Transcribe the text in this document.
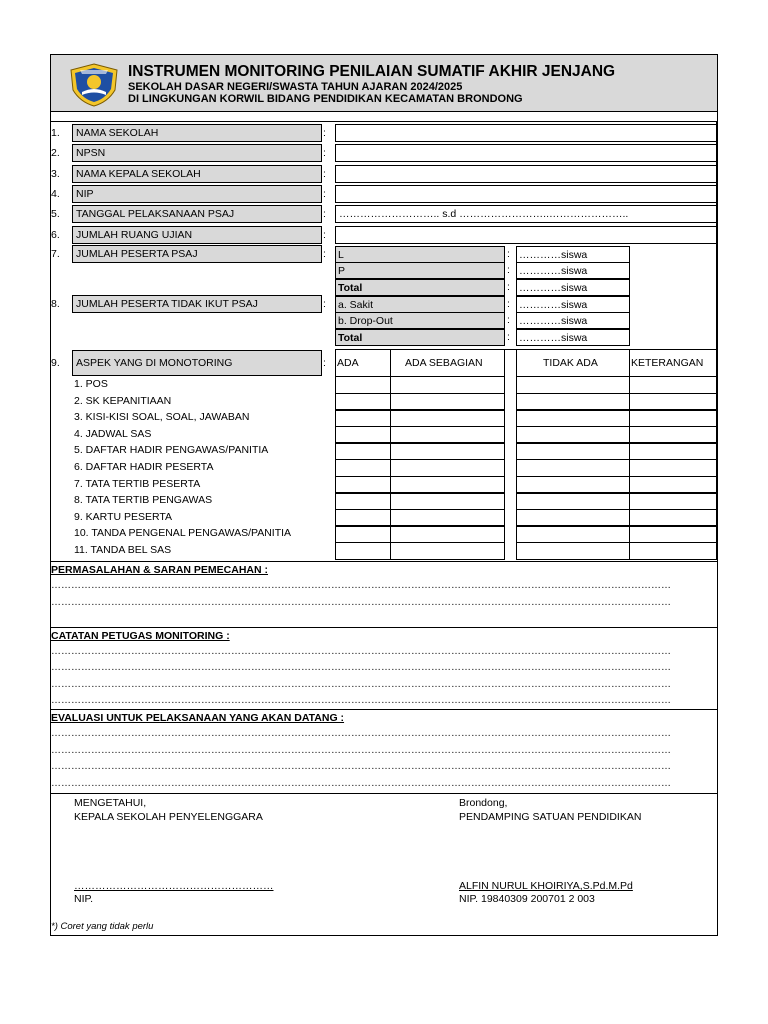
INSTRUMEN MONITORING PENILAIAN SUMATIF AKHIR JENJANG
SEKOLAH DASAR NEGERI/SWASTA TAHUN AJARAN 2024/2025
DI LINGKUNGAN KORWIL BIDANG PENDIDIKAN KECAMATAN BRONDONG
1.	NAMA SEKOLAH	:
2.	NPSN	:
3.	NAMA KEPALA SEKOLAH	:
4.	NIP	:
5.	TANGGAL PELAKSANAAN PSAJ	:	……………………….. s.d ……………………..…………………..
6.	JUMLAH RUANG UJIAN	:
7.	JUMLAH PESERTA PSAJ	: L	: …………siswa
P	: …………siswa
Total	: …………siswa
8.	JUMLAH PESERTA TIDAK IKUT PSAJ	: a. Sakit	: …………siswa
b. Drop-Out	: …………siswa
Total	: …………siswa
9.	ASPEK YANG DI MONOTORING	: ADA	ADA SEBAGIAN	TIDAK ADA	KETERANGAN
1. POS
2. SK KEPANITIAAN
3. KISI-KISI SOAL, SOAL, JAWABAN
4. JADWAL SAS
5. DAFTAR HADIR PENGAWAS/PANITIA
6. DAFTAR HADIR PESERTA
7. TATA TERTIB PESERTA
8. TATA TERTIB PENGAWAS
9. KARTU PESERTA
10. TANDA PENGENAL PENGAWAS/PANITIA
11. TANDA BEL SAS
PERMASALAHAN & SARAN PEMECAHAN :
……………………………………………………………………………………………………………………………………………………………………
……………………………………………………………………………………………………………………………………………………………………
CATATAN PETUGAS MONITORING :
……………………………………………………………………………………………………………………………………………………………………
……………………………………………………………………………………………………………………………………………………………………
……………………………………………………………………………………………………………………………………………………………………
……………………………………………………………………………………………………………………………………………………………………
EVALUASI UNTUK PELAKSANAAN YANG AKAN DATANG :
……………………………………………………………………………………………………………………………………………………………………
……………………………………………………………………………………………………………………………………………………………………
……………………………………………………………………………………………………………………………………………………………………
……………………………………………………………………………………………………………………………………………………………………
MENGETAHUI,
KEPALA SEKOLAH PENYELENGGARA
…………………………………………………
NIP.
Brondong,
PENDAMPING SATUAN PENDIDIKAN
ALFIN NURUL KHOIRIYA,S.Pd.M.Pd
NIP. 19840309 200701 2 003
*) Coret yang tidak perlu
